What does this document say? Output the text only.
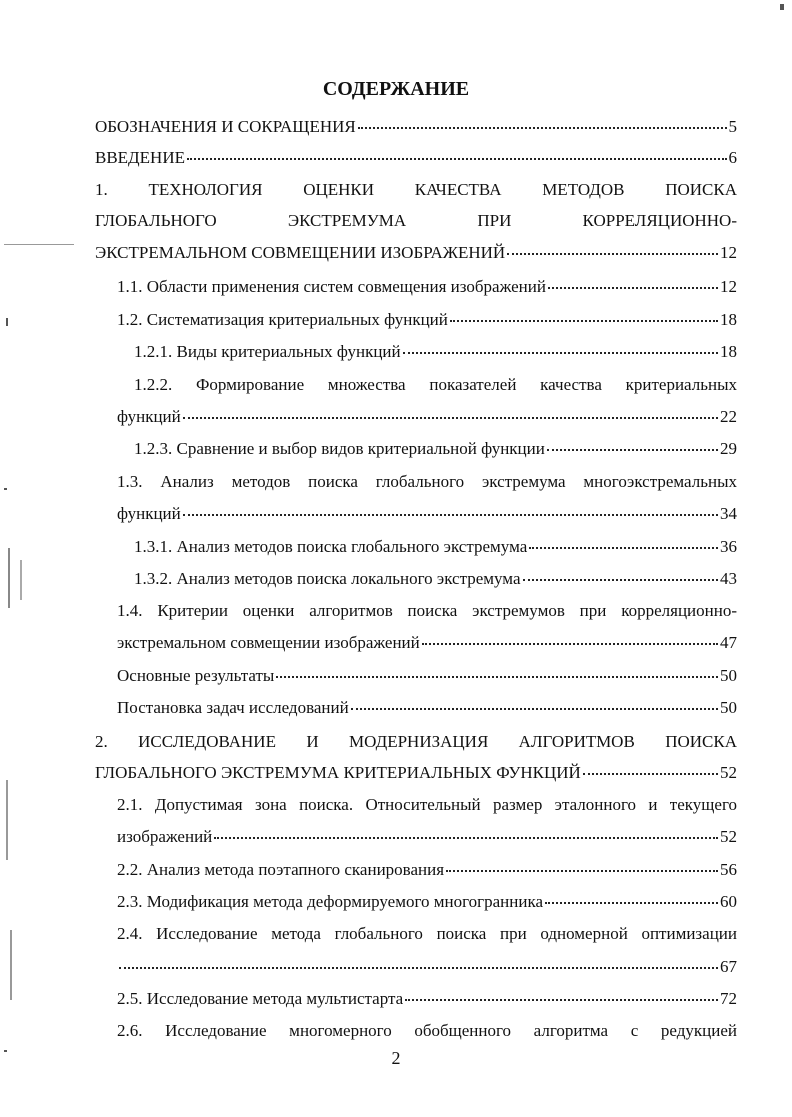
СОДЕРЖАНИЕ
ОБОЗНАЧЕНИЯ И СОКРАЩЕНИЯ	5
ВВЕДЕНИЕ	6
1. ТЕХНОЛОГИЯ ОЦЕНКИ КАЧЕСТВА МЕТОДОВ ПОИСКА
ГЛОБАЛЬНОГО ЭКСТРЕМУМА ПРИ КОРРЕЛЯЦИОННО-
ЭКСТРЕМАЛЬНОМ СОВМЕЩЕНИИ ИЗОБРАЖЕНИЙ	12
1.1. Области применения систем совмещения изображений	12
1.2. Систематизация критериальных функций	18
1.2.1. Виды критериальных функций	18
1.2.2. Формирование множества показателей качества критериальных
функций	22
1.2.3. Сравнение и выбор видов критериальной функции	29
1.3. Анализ методов поиска глобального экстремума многоэкстремальных
функций	34
1.3.1. Анализ методов поиска глобального экстремума	36
1.3.2. Анализ методов поиска локального экстремума	43
1.4. Критерии оценки алгоритмов поиска экстремумов при корреляционно-
экстремальном совмещении изображений	47
Основные результаты	50
Постановка задач исследований	50
2. ИССЛЕДОВАНИЕ И МОДЕРНИЗАЦИЯ АЛГОРИТМОВ ПОИСКА
ГЛОБАЛЬНОГО ЭКСТРЕМУМА КРИТЕРИАЛЬНЫХ ФУНКЦИЙ	52
2.1. Допустимая зона поиска. Относительный размер эталонного и текущего
изображений	52
2.2. Анализ метода поэтапного сканирования	56
2.3. Модификация метода деформируемого многогранника	60
2.4. Исследование метода глобального поиска при одномерной оптимизации
67
2.5. Исследование метода мультистарта	72
2.6. Исследование многомерного обобщенного алгоритма с редукцией
2
